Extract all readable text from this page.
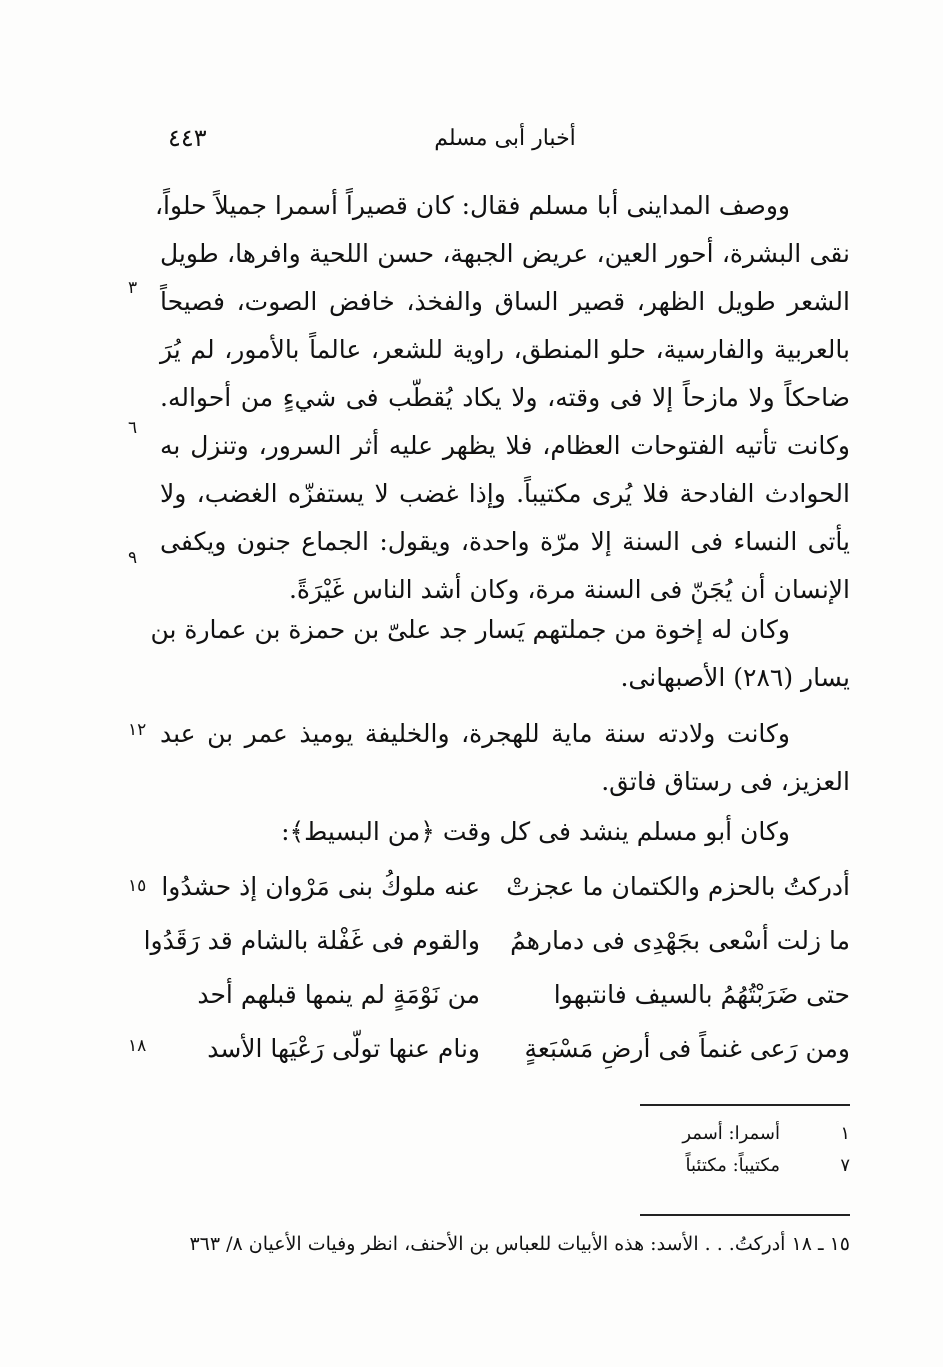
٤٤٣	أخبار أبى مسلم
ووصف المداينى أبا مسلم فقال: كان قصيراً أسمرا جميلاً حلواً،
نقى البشرة، أحور العين، عريض الجبهة، حسن اللحية وافرها، طويل
الشعر طويل الظهر، قصير الساق والفخذ، خافض الصوت، فصيحاً
بالعربية والفارسية، حلو المنطق، راوية للشعر، عالماً بالأمور، لم يُرَ
ضاحكاً ولا مازحاً إلا فى وقته، ولا يكاد يُقطّب فى شيءٍ من أحواله.
وكانت تأتيه الفتوحات العظام، فلا يظهر عليه أثر السرور، وتنزل به
الحوادث الفادحة فلا يُرى مكتيباً. وإذا غضب لا يستفزّه الغضب، ولا
يأتى النساء فى السنة إلا مرّة واحدة، ويقول: الجماع جنون ويكفى
الإنسان أن يُجَنّ فى السنة مرة، وكان أشد الناس غَيْرَةً.
وكان له إخوة من جملتهم يَسار جد علىّ بن حمزة بن عمارة بن
يسار (٢٨٦) الأصبهانى.
وكانت ولادته سنة ماية للهجرة، والخليفة يوميذ عمر بن عبد
العزيز، فى رستاق فاتق.
وكان أبو مسلم ينشد فى كل وقت ﴿من البسيط﴾:
٣
٦
٩
١٢
١٥
١٨
أدركتُ بالحزم والكتمان ما عجزتْ
عنه ملوكُ بنى مَرْوان إذ حشدُوا
ما زلت أسْعى بجَهْدِى فى دمارهمُ
والقوم فى غَفْلة بالشام قد رَقَدُوا
حتى ضَرَبْتُهُمُ بالسيف فانتبهوا
من نَوْمَةٍ لم ينمها قبلهم أحد
ومن رَعى غنماً فى أرضِ مَسْبَعةٍ
ونام عنها تولّى رَعْيَها الأسد
١
أسمرا: أسمر
٧
مكتيباً: مكتئباً
١٥ ـ ١٨ أدركتُ. . . الأسد: هذه الأبيات للعباس بن الأحنف، انظر وفيات الأعيان ٨/ ٣٦٣
